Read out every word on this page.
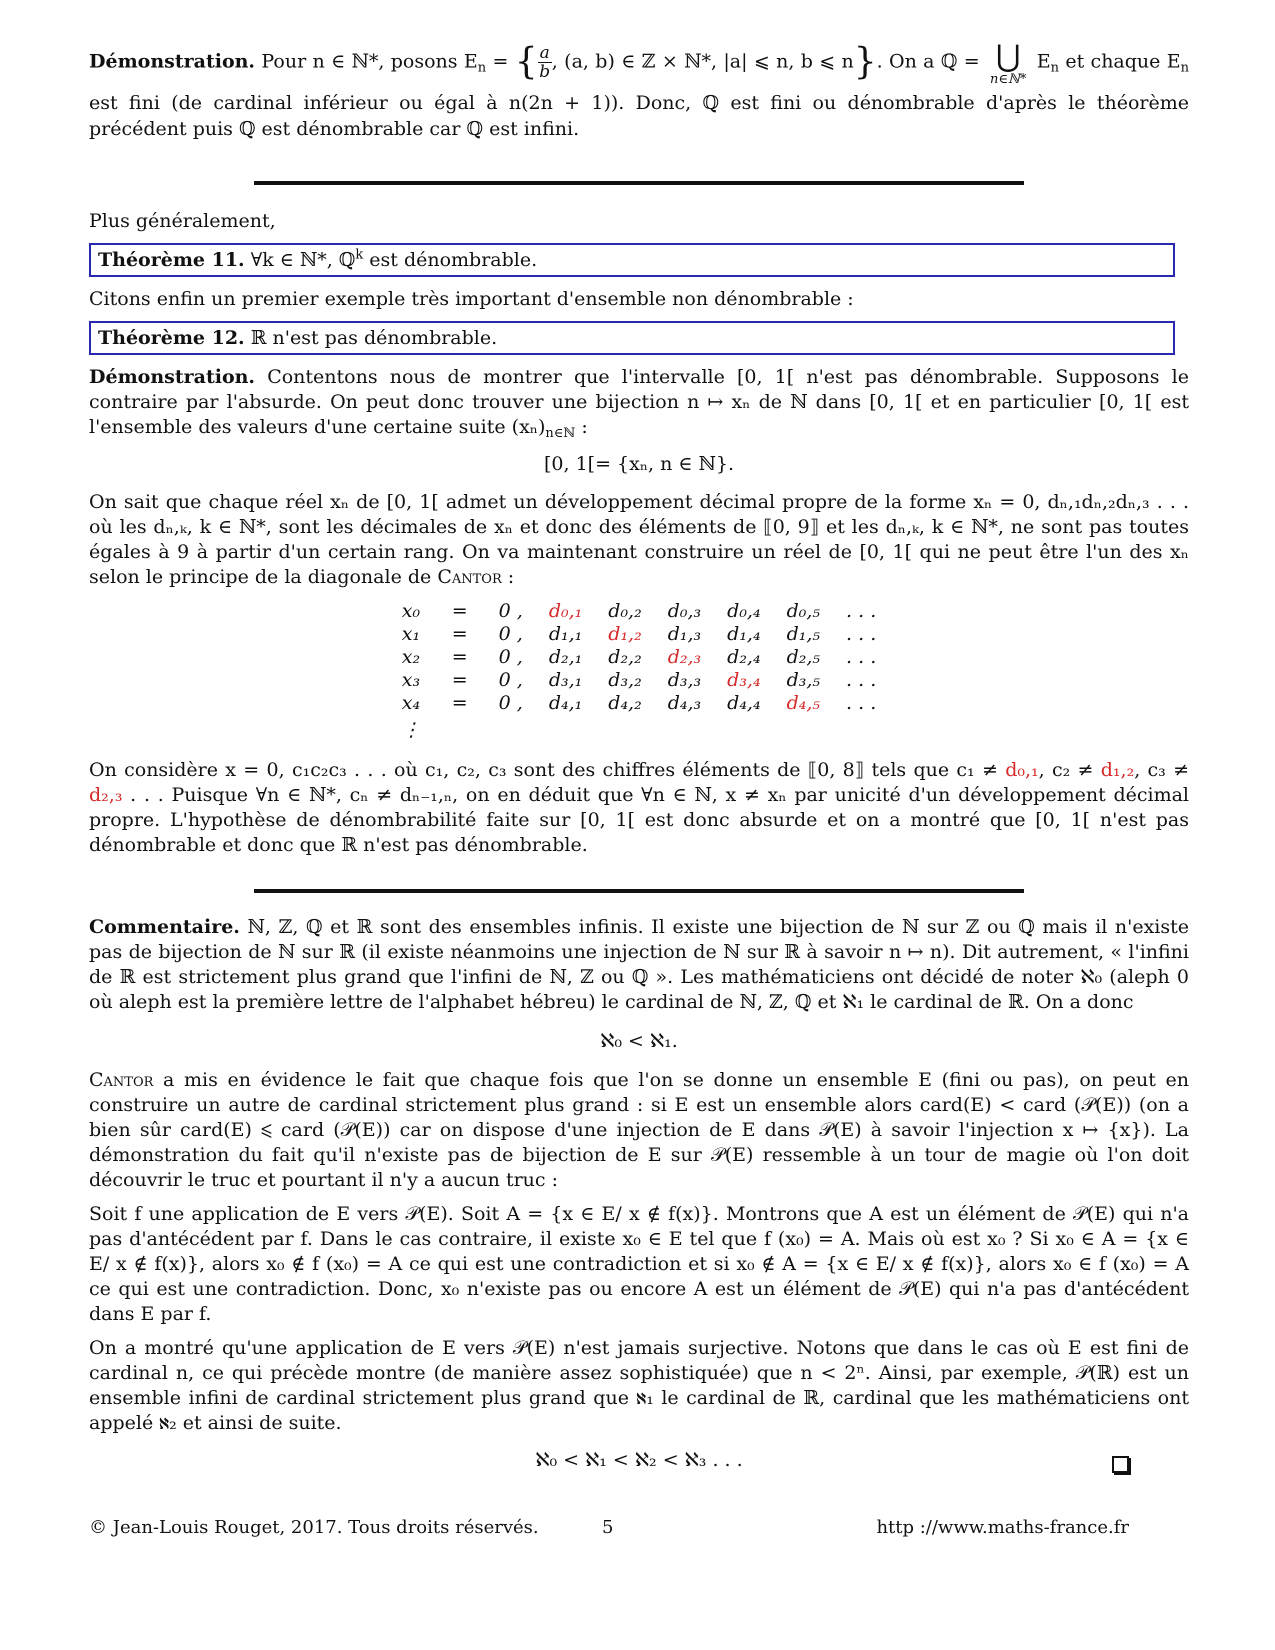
Démonstration. Pour n ∈ ℕ*, posons $E_n$ = { $\frac{a}{b}$ , (a, b) ∈ ℤ × ℕ*, |a| ⩽ n, b ⩽ n}. On a ℚ = ⋃
n∈ℕ*
$E_n$ et chaque $E_n$ est fini (de cardinal inférieur ou égal à n(2n + 1)). Donc, ℚ est fini ou dénombrable d'après le théorème précédent puis ℚ est dénombrable car ℚ est infini.
Plus généralement,
Théorème 11. ∀k ∈ ℕ*, ℚ$^k$ est dénombrable.
Citons enfin un premier exemple très important d'ensemble non dénombrable :
Théorème 12. ℝ n'est pas dénombrable.
Démonstration. Contentons nous de montrer que l'intervalle [0, 1[ n'est pas dénombrable. Supposons le contraire par l'absurde. On peut donc trouver une bijection n ↦ xₙ de ℕ dans [0, 1[ et en particulier [0, 1[ est l'ensemble des valeurs d'une certaine suite $(x_n)_{n\in ℕ}$ :
[0, 1[= {xₙ, n ∈ ℕ}.
On sait que chaque réel xₙ de [0, 1[ admet un développement décimal propre de la forme xₙ = 0, dₙ,₁dₙ,₂dₙ,₃ . . . où les dₙ,ₖ, k ∈ ℕ*, sont les décimales de xₙ et donc des éléments de ⟦0, 9⟧ et les dₙ,ₖ, k ∈ ℕ*, ne sont pas toutes égales à 9 à partir d'un certain rang. On va maintenant construire un réel de [0, 1[ qui ne peut être l'un des xₙ selon le principe de la diagonale de Cantor :
x₀	=	0 ,	d₀,₁	d₀,₂	d₀,₃	d₀,₄	d₀,₅	. . .
x₁	=	0 ,	d₁,₁	d₁,₂	d₁,₃	d₁,₄	d₁,₅	. . .
x₂	=	0 ,	d₂,₁	d₂,₂	d₂,₃	d₂,₄	d₂,₅	. . .
x₃	=	0 ,	d₃,₁	d₃,₂	d₃,₃	d₃,₄	d₃,₅	. . .
x₄	=	0 ,	d₄,₁	d₄,₂	d₄,₃	d₄,₄	d₄,₅	. . .
⋮								
On considère x = 0, c₁c₂c₃ . . . où c₁, c₂, c₃ sont des chiffres éléments de ⟦0, 8⟧ tels que c₁ ≠ d₀,₁, c₂ ≠ d₁,₂, c₃ ≠ d₂,₃ . . . Puisque ∀n ∈ ℕ*, cₙ ≠ dₙ₋₁,ₙ, on en déduit que ∀n ∈ ℕ, x ≠ xₙ par unicité d'un développement décimal propre. L'hypothèse de dénombrabilité faite sur [0, 1[ est donc absurde et on a montré que [0, 1[ n'est pas dénombrable et donc que ℝ n'est pas dénombrable.
Commentaire. ℕ, ℤ, ℚ et ℝ sont des ensembles infinis. Il existe une bijection de ℕ sur ℤ ou ℚ mais il n'existe pas de bijection de ℕ sur ℝ (il existe néanmoins une injection de ℕ sur ℝ à savoir n ↦ n). Dit autrement, « l'infini de ℝ est strictement plus grand que l'infini de ℕ, ℤ ou ℚ ». Les mathématiciens ont décidé de noter ℵ₀ (aleph 0 où aleph est la première lettre de l'alphabet hébreu) le cardinal de ℕ, ℤ, ℚ et ℵ₁ le cardinal de ℝ. On a donc
ℵ₀ < ℵ₁.
Cantor a mis en évidence le fait que chaque fois que l'on se donne un ensemble E (fini ou pas), on peut en construire un autre de cardinal strictement plus grand : si E est un ensemble alors card(E) < card (𝒫(E)) (on a bien sûr card(E) ⩽ card (𝒫(E)) car on dispose d'une injection de E dans 𝒫(E) à savoir l'injection x ↦ {x}). La démonstration du fait qu'il n'existe pas de bijection de E sur 𝒫(E) ressemble à un tour de magie où l'on doit découvrir le truc et pourtant il n'y a aucun truc :
Soit f une application de E vers 𝒫(E). Soit A = {x ∈ E/ x ∉ f(x)}. Montrons que A est un élément de 𝒫(E) qui n'a pas d'antécédent par f. Dans le cas contraire, il existe x₀ ∈ E tel que f (x₀) = A. Mais où est x₀ ? Si x₀ ∈ A = {x ∈ E/ x ∉ f(x)}, alors x₀ ∉ f (x₀) = A ce qui est une contradiction et si x₀ ∉ A = {x ∈ E/ x ∉ f(x)}, alors x₀ ∈ f (x₀) = A ce qui est une contradiction. Donc, x₀ n'existe pas ou encore A est un élément de 𝒫(E) qui n'a pas d'antécédent dans E par f.
On a montré qu'une application de E vers 𝒫(E) n'est jamais surjective. Notons que dans le cas où E est fini de cardinal n, ce qui précède montre (de manière assez sophistiquée) que n < 2ⁿ. Ainsi, par exemple, 𝒫(ℝ) est un ensemble infini de cardinal strictement plus grand que ℵ₁ le cardinal de ℝ, cardinal que les mathématiciens ont appelé ℵ₂ et ainsi de suite.
ℵ₀ < ℵ₁ < ℵ₂ < ℵ₃ . . .
© Jean-Louis Rouget, 2017. Tous droits réservés.	5	http ://www.maths-france.fr
